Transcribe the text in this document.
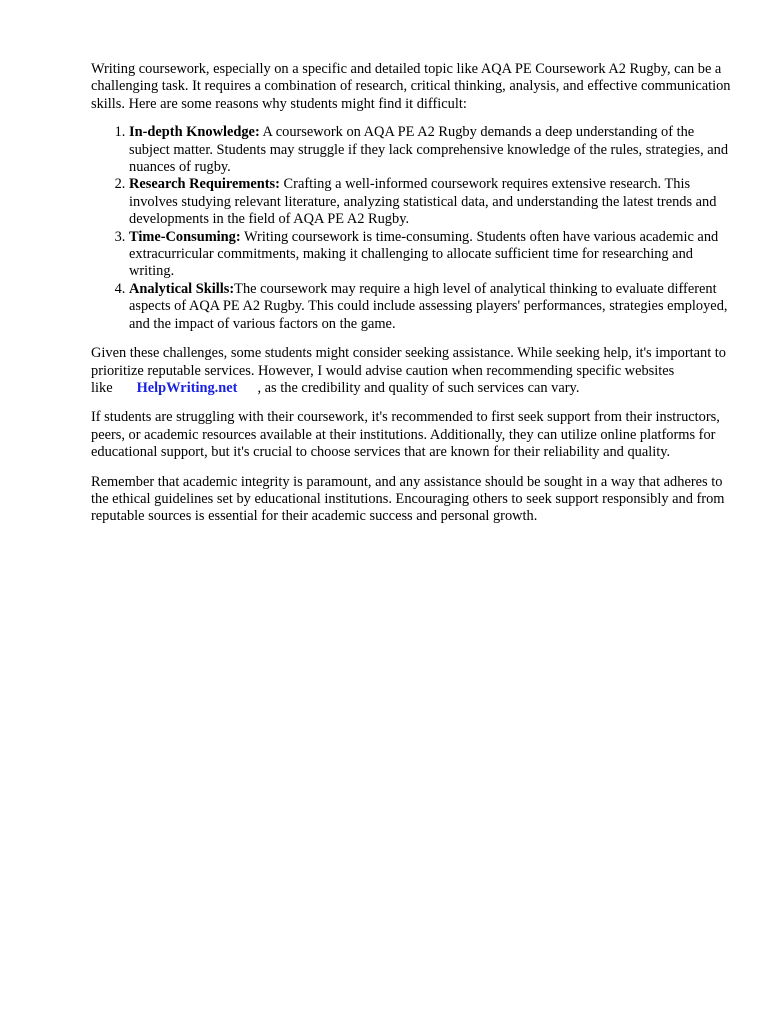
Writing coursework, especially on a specific and detailed topic like AQA PE Coursework A2 Rugby, can be a challenging task. It requires a combination of research, critical thinking, analysis, and effective communication skills. Here are some reasons why students might find it difficult:

1. In-depth Knowledge: A coursework on AQA PE A2 Rugby demands a deep understanding of the subject matter. Students may struggle if they lack comprehensive knowledge of the rules, strategies, and nuances of rugby.
2. Research Requirements: Crafting a well-informed coursework requires extensive research. This involves studying relevant literature, analyzing statistical data, and understanding the latest trends and developments in the field of AQA PE A2 Rugby.
3. Time-Consuming: Writing coursework is time-consuming. Students often have various academic and extracurricular commitments, making it challenging to allocate sufficient time for researching and writing.
4. Analytical Skills:The coursework may require a high level of analytical thinking to evaluate different aspects of AQA PE A2 Rugby. This could include assessing players' performances, strategies employed, and the impact of various factors on the game.

Given these challenges, some students might consider seeking assistance. While seeking help, it's important to prioritize reputable services. However, I would advise caution when recommending specific websites like HelpWriting.net , as the credibility and quality of such services can vary.

If students are struggling with their coursework, it's recommended to first seek support from their instructors, peers, or academic resources available at their institutions. Additionally, they can utilize online platforms for educational support, but it's crucial to choose services that are known for their reliability and quality.

Remember that academic integrity is paramount, and any assistance should be sought in a way that adheres to the ethical guidelines set by educational institutions. Encouraging others to seek support responsibly and from reputable sources is essential for their academic success and personal growth.
